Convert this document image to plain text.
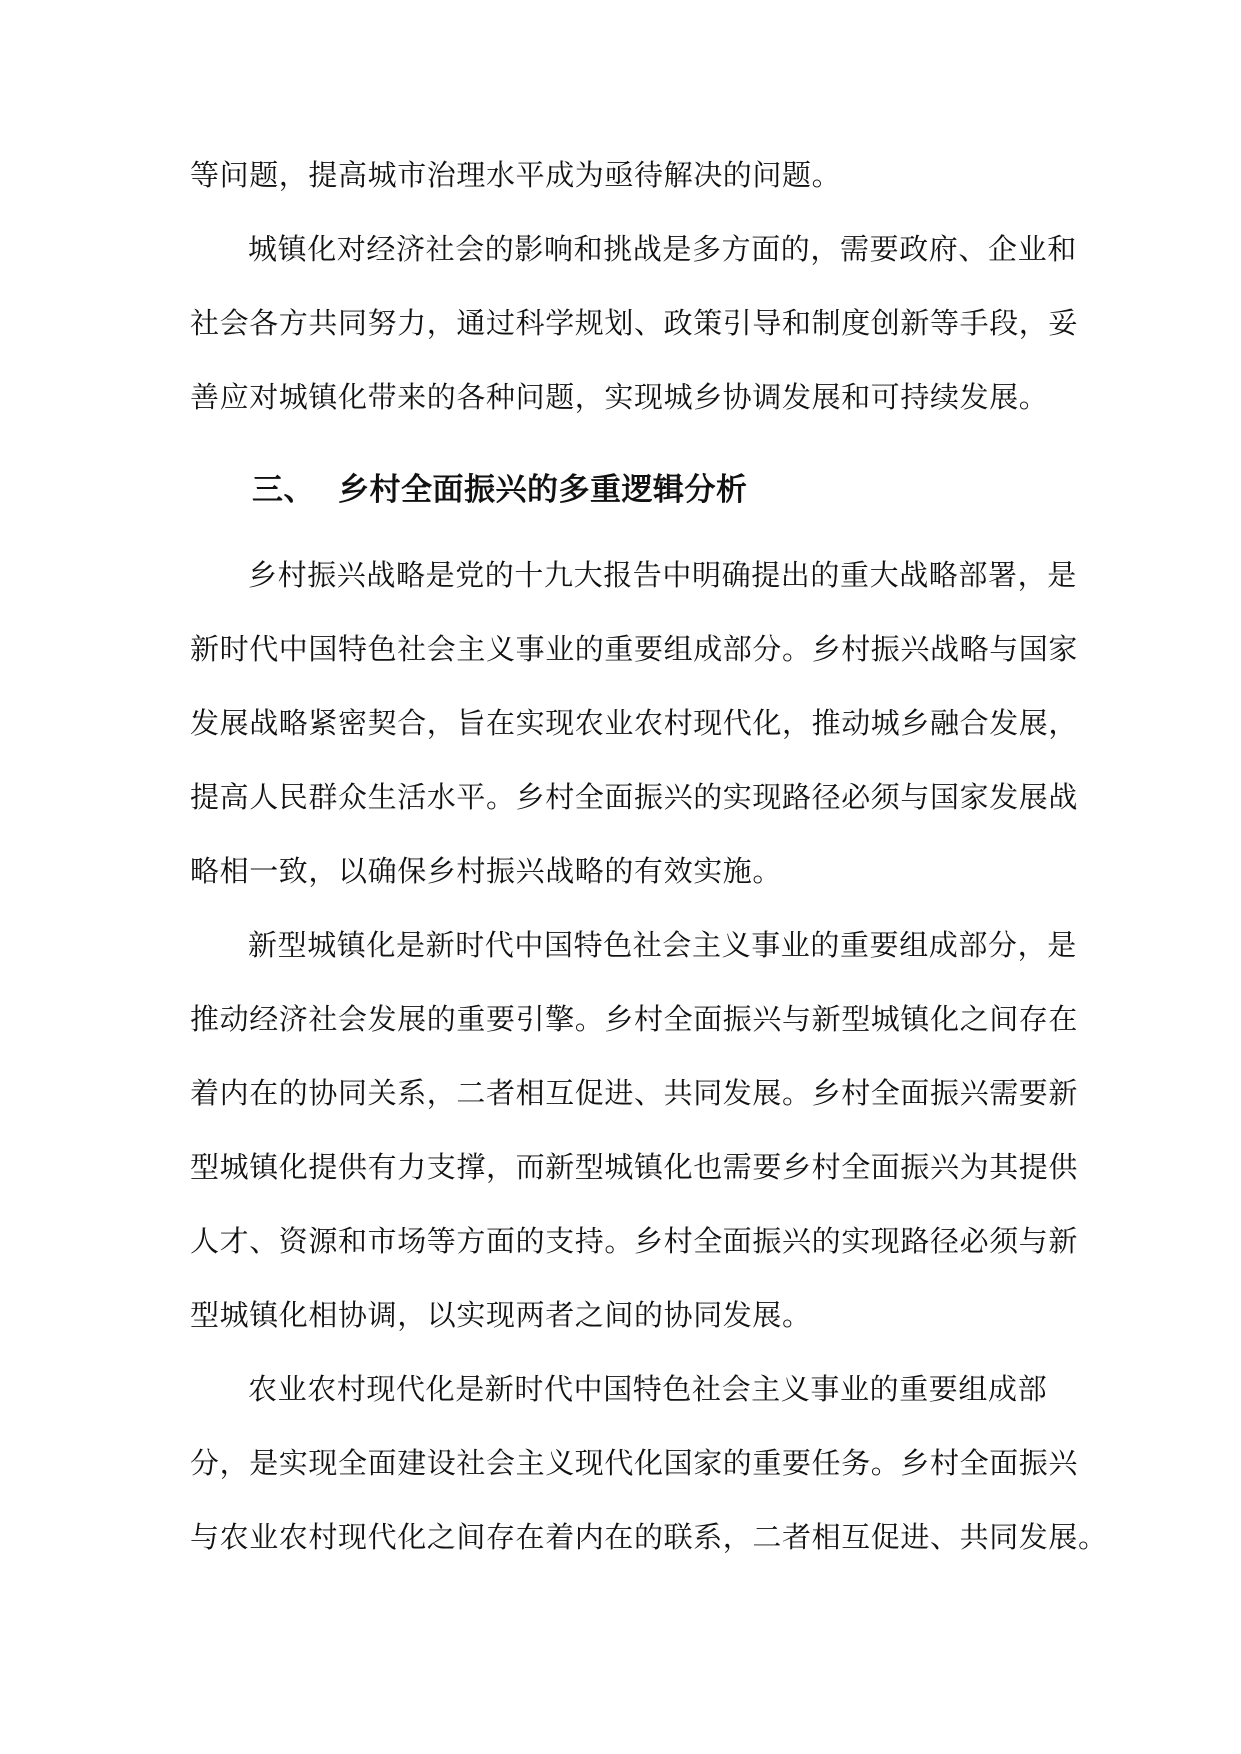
等问题，提高城市治理水平成为亟待解决的问题。
城镇化对经济社会的影响和挑战是多方面的，需要政府、企业和
社会各方共同努力，通过科学规划、政策引导和制度创新等手段，妥
善应对城镇化带来的各种问题，实现城乡协调发展和可持续发展。
三、 乡村全面振兴的多重逻辑分析
乡村振兴战略是党的十九大报告中明确提出的重大战略部署，是
新时代中国特色社会主义事业的重要组成部分。乡村振兴战略与国家
发展战略紧密契合，旨在实现农业农村现代化，推动城乡融合发展，
提高人民群众生活水平。乡村全面振兴的实现路径必须与国家发展战
略相一致，以确保乡村振兴战略的有效实施。
新型城镇化是新时代中国特色社会主义事业的重要组成部分，是
推动经济社会发展的重要引擎。乡村全面振兴与新型城镇化之间存在
着内在的协同关系，二者相互促进、共同发展。乡村全面振兴需要新
型城镇化提供有力支撑，而新型城镇化也需要乡村全面振兴为其提供
人才、资源和市场等方面的支持。乡村全面振兴的实现路径必须与新
型城镇化相协调，以实现两者之间的协同发展。
农业农村现代化是新时代中国特色社会主义事业的重要组成部
分，是实现全面建设社会主义现代化国家的重要任务。乡村全面振兴
与农业农村现代化之间存在着内在的联系，二者相互促进、共同发展。
